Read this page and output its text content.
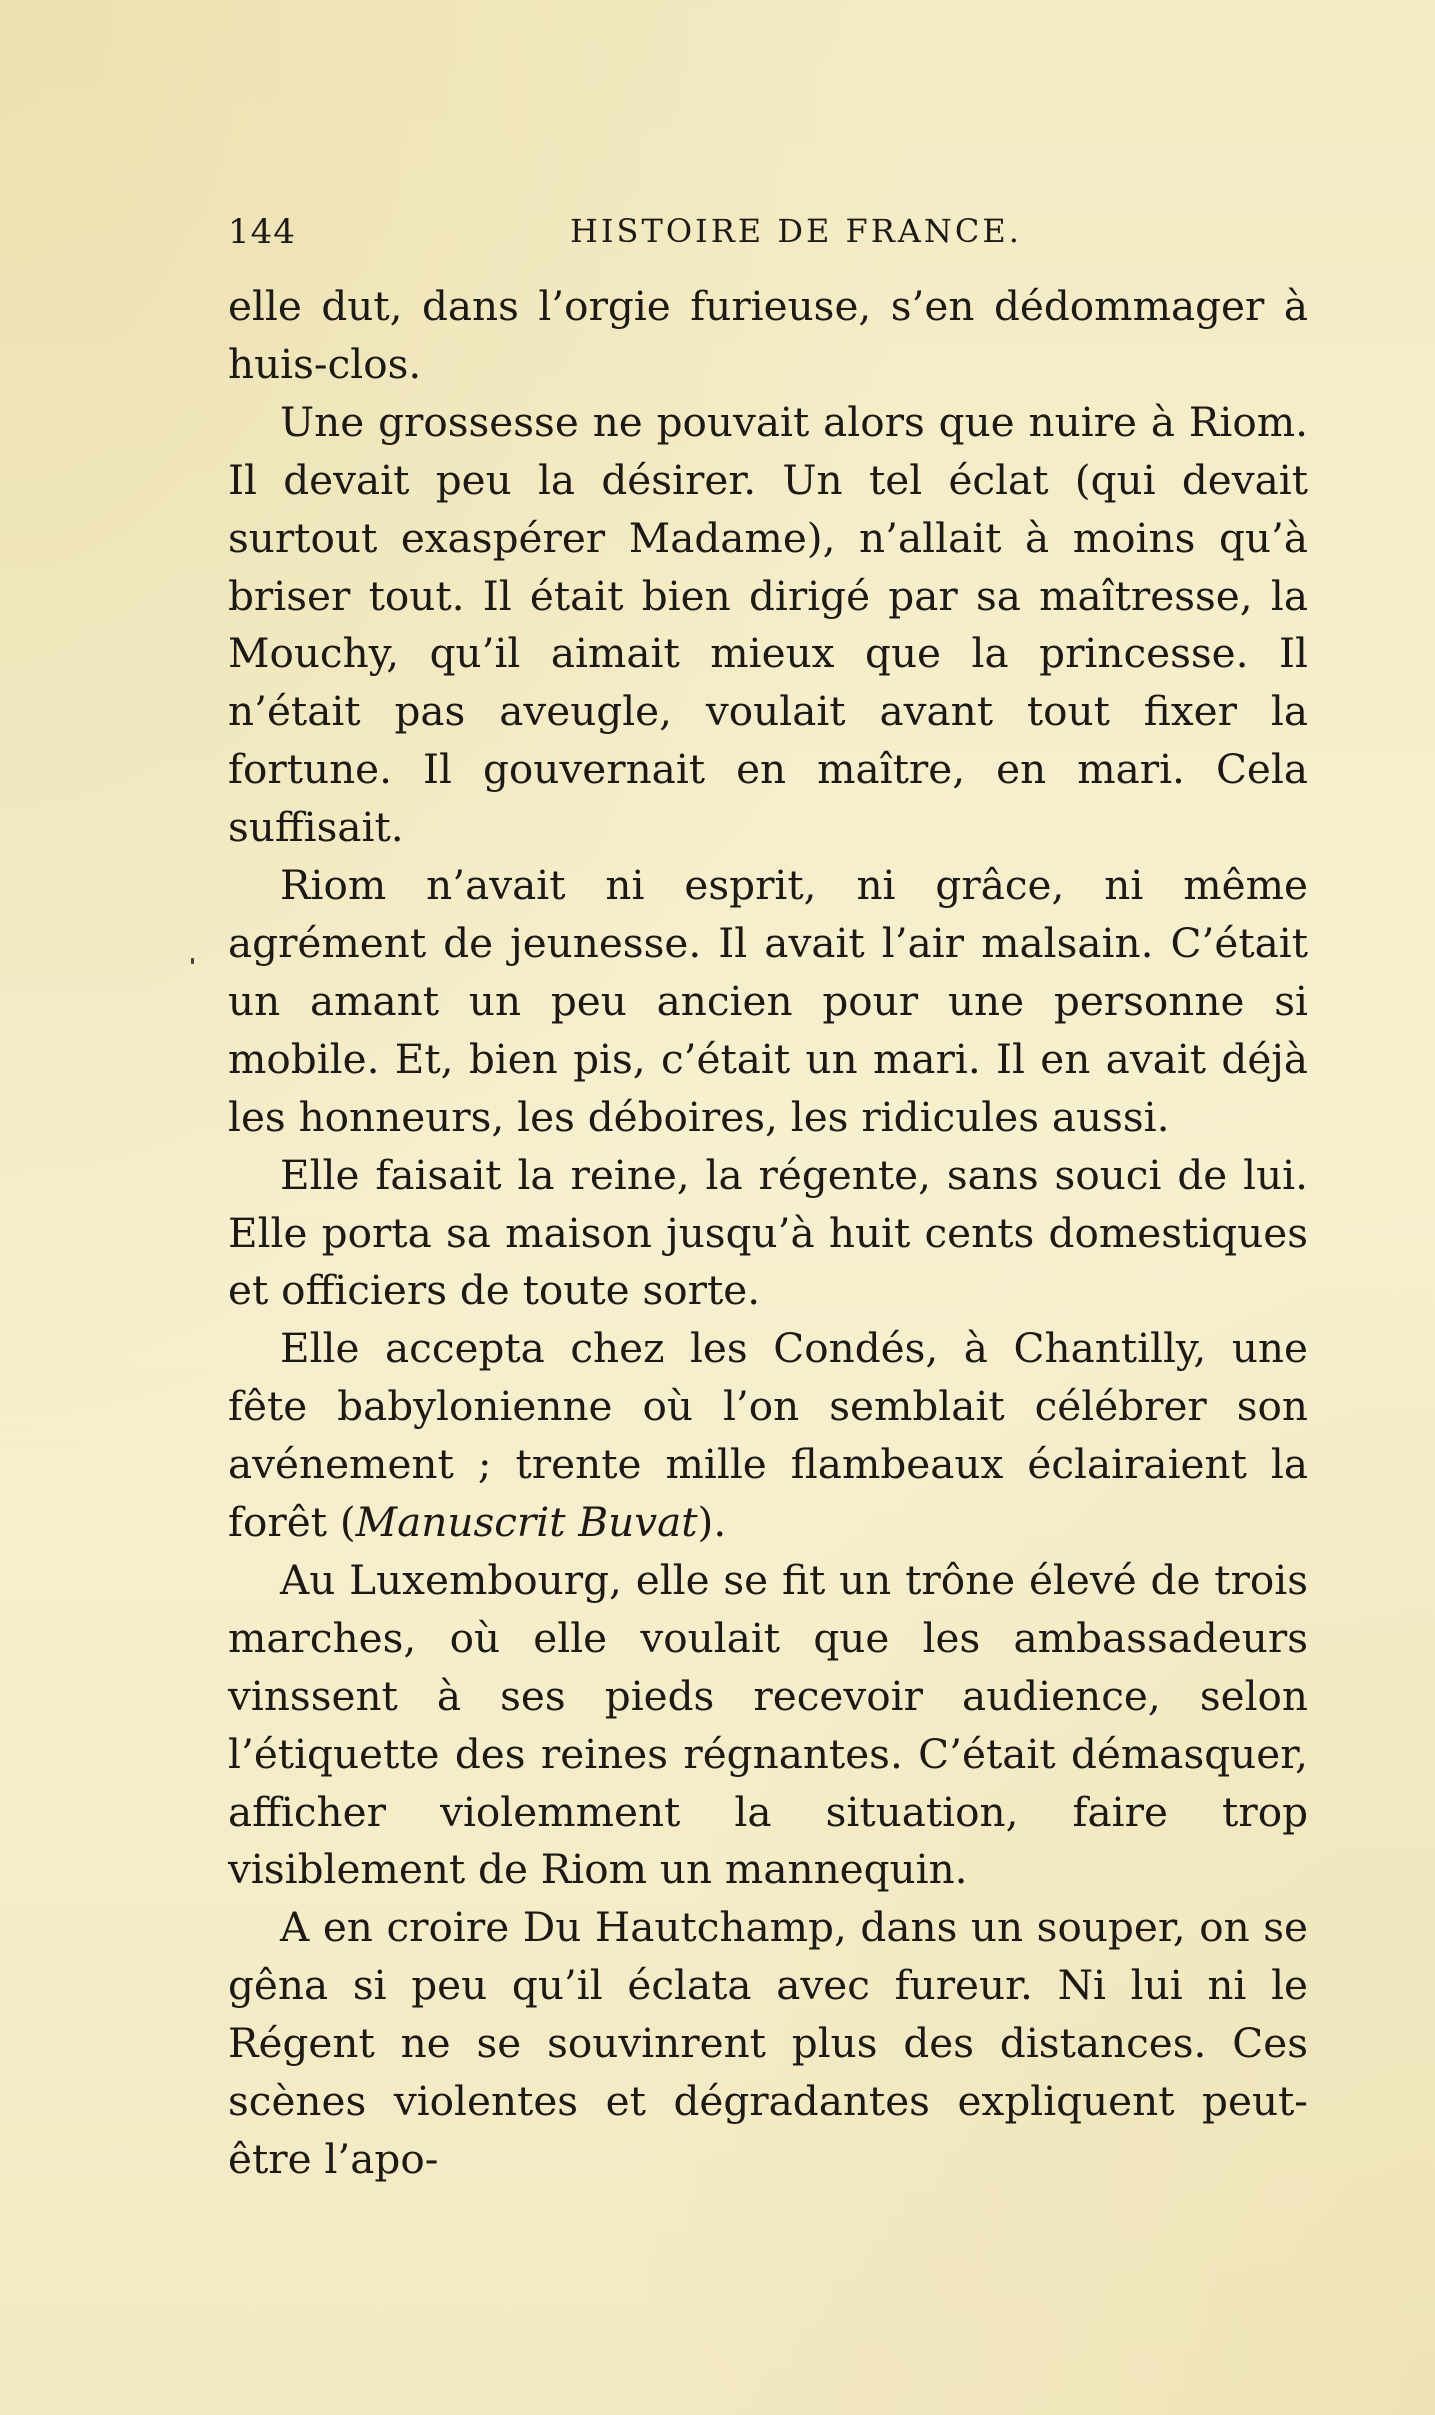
144	HISTOIRE DE FRANCE.

elle dut, dans l’orgie furieuse, s’en dédommager à huis-clos.

Une grossesse ne pouvait alors que nuire à Riom. Il devait peu la désirer. Un tel éclat (qui devait surtout exaspérer Madame), n’allait à moins qu’à briser tout. Il était bien dirigé par sa maîtresse, la Mouchy, qu’il aimait mieux que la princesse. Il n’était pas aveugle, voulait avant tout fixer la fortune. Il gouvernait en maître, en mari. Cela suffisait.

Riom n’avait ni esprit, ni grâce, ni même agrément de jeunesse. Il avait l’air malsain. C’était un amant un peu ancien pour une personne si mobile. Et, bien pis, c’était un mari. Il en avait déjà les honneurs, les déboires, les ridicules aussi.

Elle faisait la reine, la régente, sans souci de lui. Elle porta sa maison jusqu’à huit cents domestiques et officiers de toute sorte.

Elle accepta chez les Condés, à Chantilly, une fête babylonienne où l’on semblait célébrer son avénement ; trente mille flambeaux éclairaient la forêt (Manuscrit Buvat).

Au Luxembourg, elle se fit un trône élevé de trois marches, où elle voulait que les ambassadeurs vinssent à ses pieds recevoir audience, selon l’étiquette des reines régnantes. C’était démasquer, afficher violemment la situation, faire trop visiblement de Riom un mannequin.

A en croire Du Hautchamp, dans un souper, on se gêna si peu qu’il éclata avec fureur. Ni lui ni le Régent ne se souvinrent plus des distances. Ces scènes violentes et dégradantes expliquent peut-être l’apo-
